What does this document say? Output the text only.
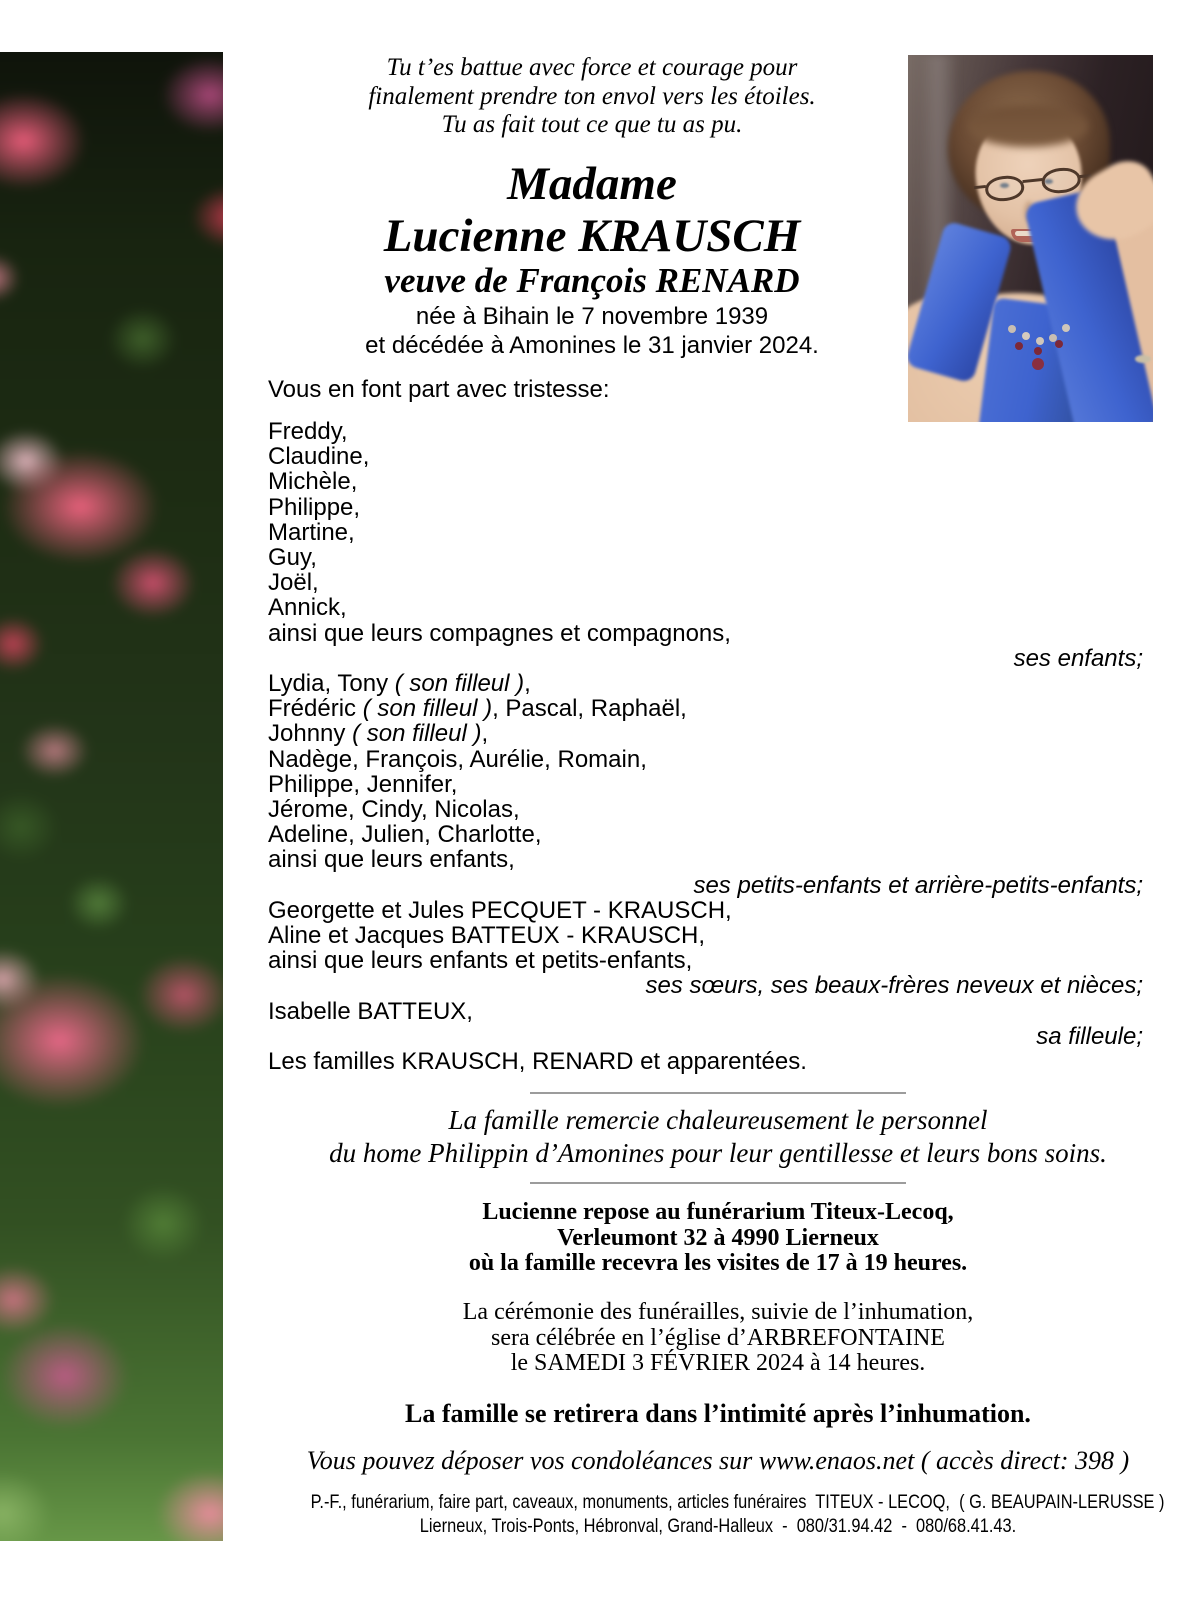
Tu t’es battue avec force et courage pour
finalement prendre ton envol vers les étoiles.
Tu as fait tout ce que tu as pu.
Madame
Lucienne KRAUSCH
veuve de François RENARD
née à Bihain le 7 novembre 1939
et décédée à Amonines le 31 janvier 2024.
Vous en font part avec tristesse:
Freddy,
Claudine,
Michèle,
Philippe,
Martine,
Guy,
Joël,
Annick,
ainsi que leurs compagnes et compagnons,
ses enfants;
Lydia, Tony ( son filleul ),
Frédéric ( son filleul ), Pascal, Raphaël,
Johnny ( son filleul ),
Nadège, François, Aurélie, Romain,
Philippe, Jennifer,
Jérome, Cindy, Nicolas,
Adeline, Julien, Charlotte,
ainsi que leurs enfants,
ses petits-enfants et arrière-petits-enfants;
Georgette et Jules PECQUET - KRAUSCH,
Aline et Jacques BATTEUX - KRAUSCH,
ainsi que leurs enfants et petits-enfants,
ses sœurs, ses beaux-frères neveux et nièces;
Isabelle BATTEUX,
sa filleule;
Les familles KRAUSCH, RENARD et apparentées.
La famille remercie chaleureusement le personnel
du home Philippin d’Amonines pour leur gentillesse et leurs bons soins.
Lucienne repose au funérarium Titeux-Lecoq,
Verleumont 32 à 4990 Lierneux
où la famille recevra les visites de 17 à 19 heures.
La cérémonie des funérailles, suivie de l’inhumation,
sera célébrée en l’église d’ARBREFONTAINE
le SAMEDI 3 FÉVRIER 2024 à 14 heures.
La famille se retirera dans l’intimité après l’inhumation.
Vous pouvez déposer vos condoléances sur www.enaos.net ( accès direct: 398 )
P.-F., funérarium, faire part, caveaux, monuments, articles funéraires  TITEUX - LECOQ,  ( G. BEAUPAIN-LERUSSE )
Lierneux, Trois-Ponts, Hébronval, Grand-Halleux  -  080/31.94.42  -  080/68.41.43.
